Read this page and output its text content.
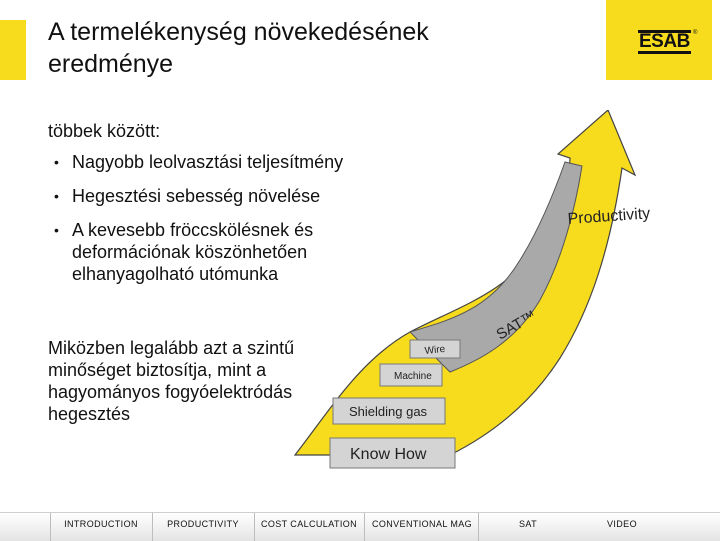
A termelékenység növekedésének
eredménye
ESAB ®
többek között:
• Nagyobb leolvasztási teljesítmény
• Hegesztési sebesség növelése
• A kevesebb fröccskölésnek és deformációnak köszönhetően elhanyagolható utómunka
Miközben legalább azt a szintű minőséget biztosítja, mint a hagyományos fogyóelektródás hegesztés
Productivity
SAT™
Wire
Machine
Shielding gas
Know How
INTRODUCTION	PRODUCTIVITY	COST CALCULATION	CONVENTIONAL MAG	SAT	VIDEO
